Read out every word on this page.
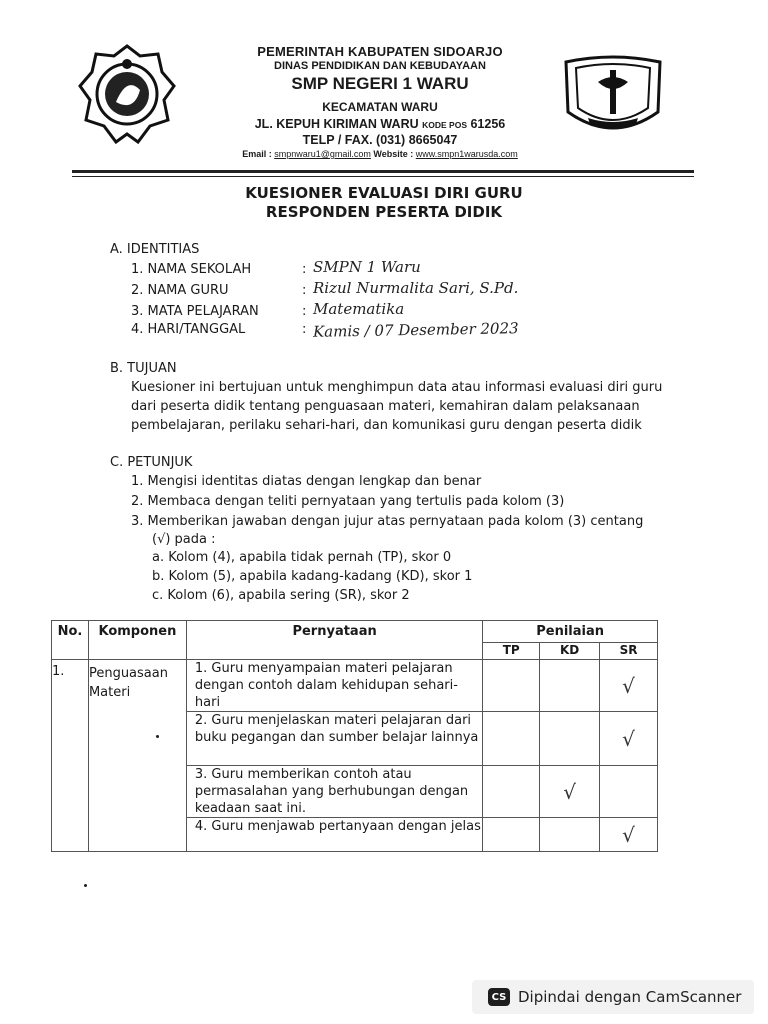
PEMERINTAH KABUPATEN SIDOARJO
DINAS PENDIDIKAN DAN KEBUDAYAAN
SMP NEGERI 1 WARU
KECAMATAN WARU
JL. KEPUH KIRIMAN WARU KODE POS 61256
TELP / FAX. (031) 8665047
Email : smpnwaru1@gmail.com Website : www.smpn1warusda.com
KUESIONER EVALUASI DIRI GURU
RESPONDEN PESERTA DIDIK
A. IDENTITIAS
1. NAMA SEKOLAH	: SMPN 1 Waru
2. NAMA GURU	: Rizul Nurmalita Sari, S.Pd.
3. MATA PELAJARAN	: Matematika
4. HARI/TANGGAL	: Kamis / 07 Desember 2023
B. TUJUAN
Kuesioner ini bertujuan untuk menghimpun data atau informasi evaluasi diri guru dari peserta didik tentang penguasaan materi, kemahiran dalam pelaksanaan pembelajaran, perilaku sehari-hari, dan komunikasi guru dengan peserta didik
C. PETUNJUK
1. Mengisi identitas diatas dengan lengkap dan benar
2. Membaca dengan teliti pernyataan yang tertulis pada kolom (3)
3. Memberikan jawaban dengan jujur atas pernyataan pada kolom (3) centang
(√) pada :
a. Kolom (4), apabila tidak pernah (TP), skor 0
b. Kolom (5), apabila kadang-kadang (KD), skor 1
c. Kolom (6), apabila sering (SR), skor 2
No.	Komponen	Pernyataan	Penilaian		
			TP	KD	SR
1.	Penguasaan Materi	1. Guru menyampaian materi pelajaran dengan contoh dalam kehidupan sehari-hari			√
		2. Guru menjelaskan materi pelajaran dari buku pegangan dan sumber belajar lainnya			√
		3. Guru memberikan contoh atau permasalahan yang berhubungan dengan keadaan saat ini.		√	
		4. Guru menjawab pertanyaan dengan jelas			√
CS Dipindai dengan CamScanner
